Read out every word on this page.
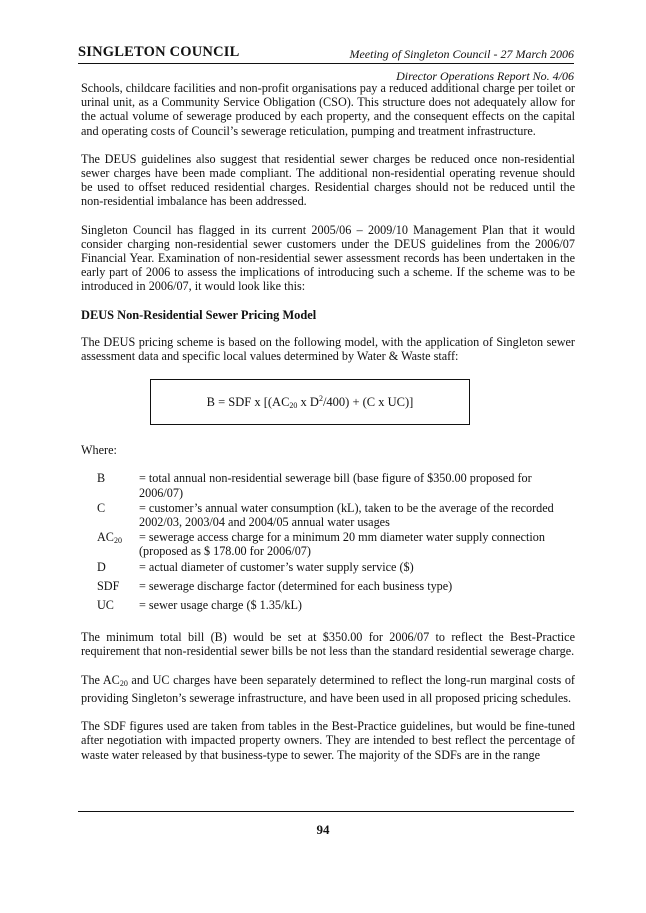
SINGLETON COUNCIL	Meeting of Singleton Council - 27 March 2006
Director Operations Report No. 4/06

Schools, childcare facilities and non-profit organisations pay a reduced additional charge per toilet or urinal unit, as a Community Service Obligation (CSO). This structure does not adequately allow for the actual volume of sewerage produced by each property, and the consequent effects on the capital and operating costs of Council’s sewerage reticulation, pumping and treatment infrastructure.

The DEUS guidelines also suggest that residential sewer charges be reduced once non-residential sewer charges have been made compliant. The additional non-residential operating revenue should be used to offset reduced residential charges. Residential charges should not be reduced until the non-residential imbalance has been addressed.

Singleton Council has flagged in its current 2005/06 – 2009/10 Management Plan that it would consider charging non-residential sewer customers under the DEUS guidelines from the 2006/07 Financial Year. Examination of non-residential sewer assessment records has been undertaken in the early part of 2006 to assess the implications of introducing such a scheme. If the scheme was to be introduced in 2006/07, it would look like this:

DEUS Non-Residential Sewer Pricing Model

The DEUS pricing scheme is based on the following model, with the application of Singleton sewer assessment data and specific local values determined by Water & Waste staff:

B = SDF x [($AC_{20}$ x $D^2/400) + (C$ x UC)]
Where:
B	= total annual non-residential sewerage bill (base figure of $350.00 proposed for 2006/07)
C	= customer’s annual water consumption (kL), taken to be the average of the recorded 2002/03, 2003/04 and 2004/05 annual water usages
$AC_{20}$	= sewerage access charge for a minimum 20 mm diameter water supply connection (proposed as $ 178.00 for 2006/07)
D	= actual diameter of customer’s water supply service ($)
SDF	= sewerage discharge factor (determined for each business type)
UC	= sewer usage charge ($ 1.35/kL)

The minimum total bill (B) would be set at $350.00 for 2006/07 to reflect the Best-Practice requirement that non-residential sewer bills be not less than the standard residential sewerage charge.

The $AC_{20}$ and UC charges have been separately determined to reflect the long-run marginal costs of providing Singleton’s sewerage infrastructure, and have been used in all proposed pricing schedules.

The SDF figures used are taken from tables in the Best-Practice guidelines, but would be fine-tuned after negotiation with impacted property owners. They are intended to best reflect the percentage of waste water released by that business-type to sewer. The majority of the SDFs are in the range

94
